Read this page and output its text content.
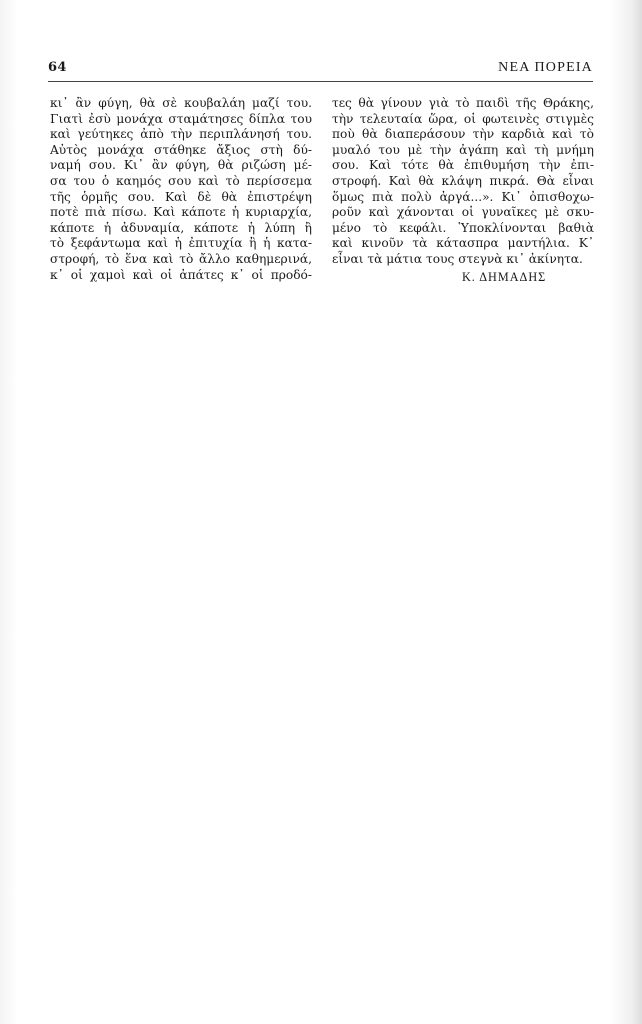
64	ΝΕΑ ΠΟΡΕΙΑ
κι᾽ ἂν φύγη, θὰ σὲ κουβαλάη μαζί του.
Γιατὶ ἐσὺ μονάχα σταμάτησες δίπλα του
καὶ γεύτηκες ἀπὸ τὴν περιπλάνησή του.
Αὐτὸς μονάχα στάθηκε ἄξιος στὴ δύ-
ναμή σου. Κι᾽ ἂν φύγη, θὰ ριζώση μέ-
σα του ὁ καημός σου καὶ τὸ περίσσεμα
τῆς ὁρμῆς σου. Καὶ δὲ θὰ ἐπιστρέψη
ποτὲ πιὰ πίσω. Καὶ κάποτε ἡ κυριαρχία,
κάποτε ἡ ἀδυναμία, κάποτε ἡ λύπη ἢ
τὸ ξεφάντωμα καὶ ἡ ἐπιτυχία ἢ ἡ κατα-
στροφή, τὸ ἕνα καὶ τὸ ἄλλο καθημερινά,
κ᾽ οἱ χαμοὶ καὶ οἱ ἀπάτες κ᾽ οἱ προδό-
τες θὰ γίνουν γιὰ τὸ παιδὶ τῆς Θράκης,
τὴν τελευταία ὥρα, οἱ φωτεινὲς στιγμὲς
ποὺ θὰ διαπεράσουν τὴν καρδιὰ καὶ τὸ
μυαλό του μὲ τὴν ἀγάπη καὶ τὴ μνήμη
σου. Καὶ τότε θὰ ἐπιθυμήση τὴν ἐπι-
στροφή. Καὶ θὰ κλάψη πικρά. Θὰ εἶναι
ὅμως πιὰ πολὺ ἀργά...». Κι᾽ ὀπισθοχω-
ροῦν καὶ χάνονται οἱ γυναῖκες μὲ σκυ-
μένο τὸ κεφάλι. Ὑποκλίνονται βαθιὰ
καὶ κινοῦν τὰ κάτασπρα μαντήλια. Κ᾽
εἶναι τὰ μάτια τους στεγνὰ κι᾽ ἀκίνητα.
Κ. ΔΗΜΑΔΗΣ
